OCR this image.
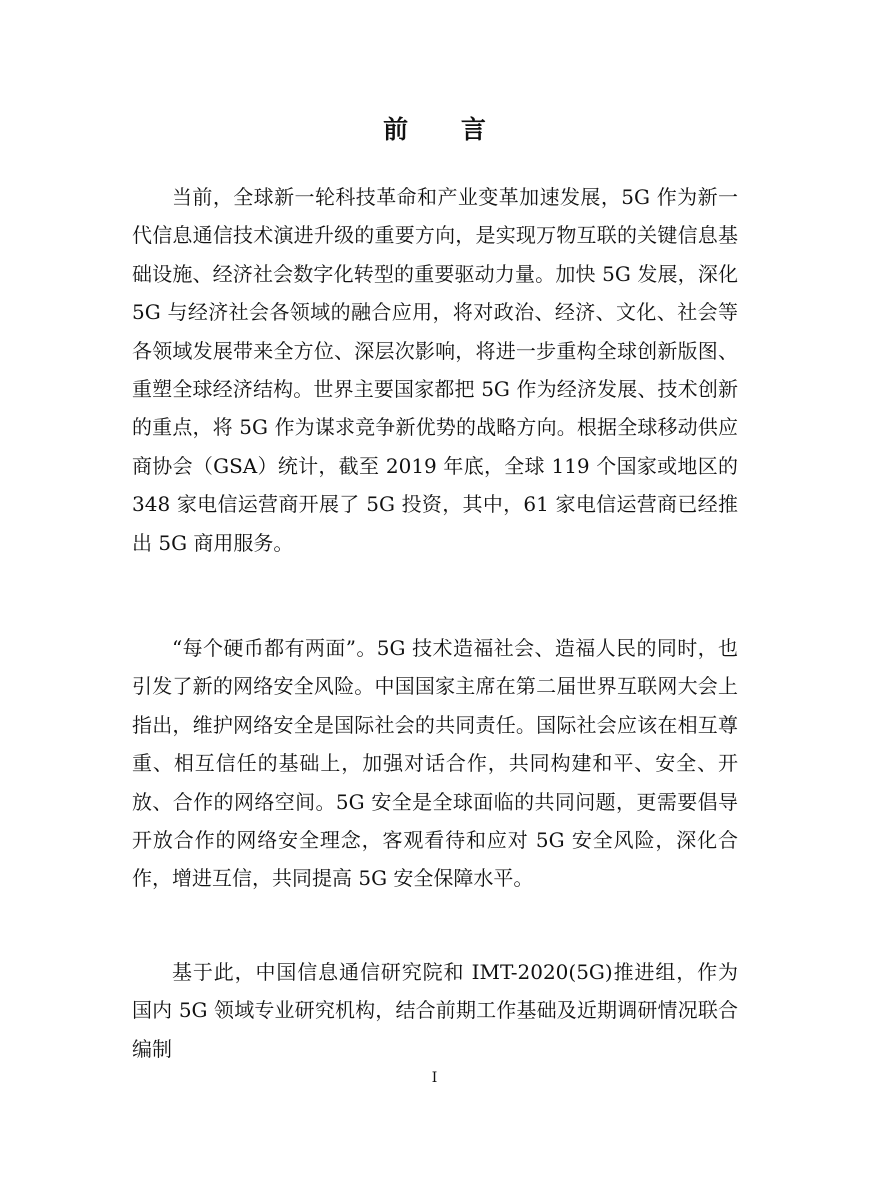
前 言

当前，全球新一轮科技革命和产业变革加速发展，5G 作为新一代信息通信技术演进升级的重要方向，是实现万物互联的关键信息基础设施、经济社会数字化转型的重要驱动力量。加快 5G 发展，深化 5G 与经济社会各领域的融合应用，将对政治、经济、文化、社会等各领域发展带来全方位、深层次影响，将进一步重构全球创新版图、重塑全球经济结构。世界主要国家都把 5G 作为经济发展、技术创新的重点，将 5G 作为谋求竞争新优势的战略方向。根据全球移动供应商协会（GSA）统计，截至 2019 年底，全球 119 个国家或地区的 348 家电信运营商开展了 5G 投资，其中，61 家电信运营商已经推出 5G 商用服务。

“每个硬币都有两面”。5G 技术造福社会、造福人民的同时，也引发了新的网络安全风险。中国国家主席在第二届世界互联网大会上指出，维护网络安全是国际社会的共同责任。国际社会应该在相互尊重、相互信任的基础上，加强对话合作，共同构建和平、安全、开放、合作的网络空间。5G 安全是全球面临的共同问题，更需要倡导开放合作的网络安全理念，客观看待和应对 5G 安全风险，深化合作，增进互信，共同提高 5G 安全保障水平。

基于此，中国信息通信研究院和 IMT-2020(5G)推进组，作为国内 5G 领域专业研究机构，结合前期工作基础及近期调研情况联合编制

I
